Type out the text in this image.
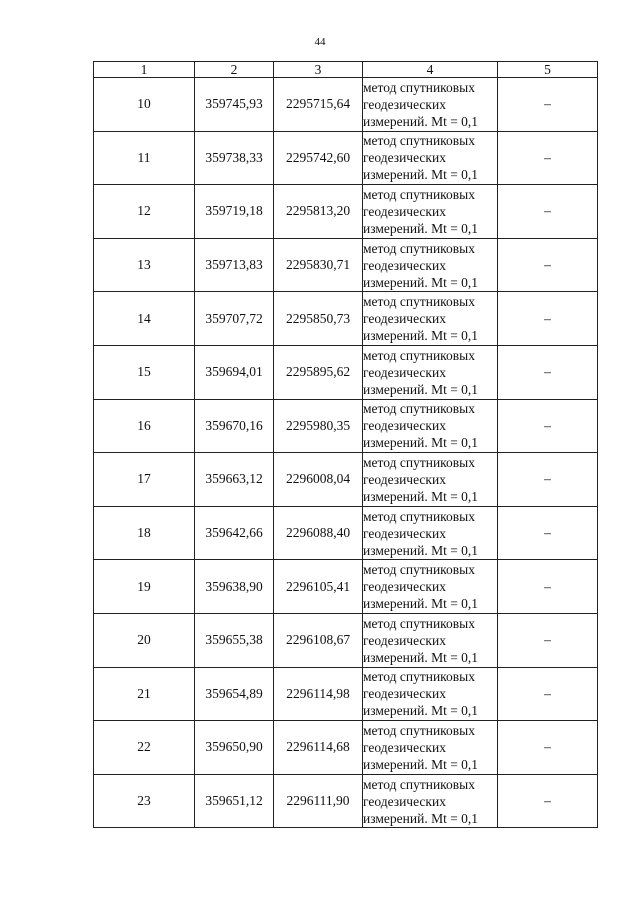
44
1	2	3	4	5
10	359745,93	2295715,64	метод спутниковых
геодезических
измерений. Mt = 0,1	–
11	359738,33	2295742,60	метод спутниковых
геодезических
измерений. Mt = 0,1	–
12	359719,18	2295813,20	метод спутниковых
геодезических
измерений. Mt = 0,1	–
13	359713,83	2295830,71	метод спутниковых
геодезических
измерений. Mt = 0,1	–
14	359707,72	2295850,73	метод спутниковых
геодезических
измерений. Mt = 0,1	–
15	359694,01	2295895,62	метод спутниковых
геодезических
измерений. Mt = 0,1	–
16	359670,16	2295980,35	метод спутниковых
геодезических
измерений. Mt = 0,1	–
17	359663,12	2296008,04	метод спутниковых
геодезических
измерений. Mt = 0,1	–
18	359642,66	2296088,40	метод спутниковых
геодезических
измерений. Mt = 0,1	–
19	359638,90	2296105,41	метод спутниковых
геодезических
измерений. Mt = 0,1	–
20	359655,38	2296108,67	метод спутниковых
геодезических
измерений. Mt = 0,1	–
21	359654,89	2296114,98	метод спутниковых
геодезических
измерений. Mt = 0,1	–
22	359650,90	2296114,68	метод спутниковых
геодезических
измерений. Mt = 0,1	–
23	359651,12	2296111,90	метод спутниковых
геодезических
измерений. Mt = 0,1	–
